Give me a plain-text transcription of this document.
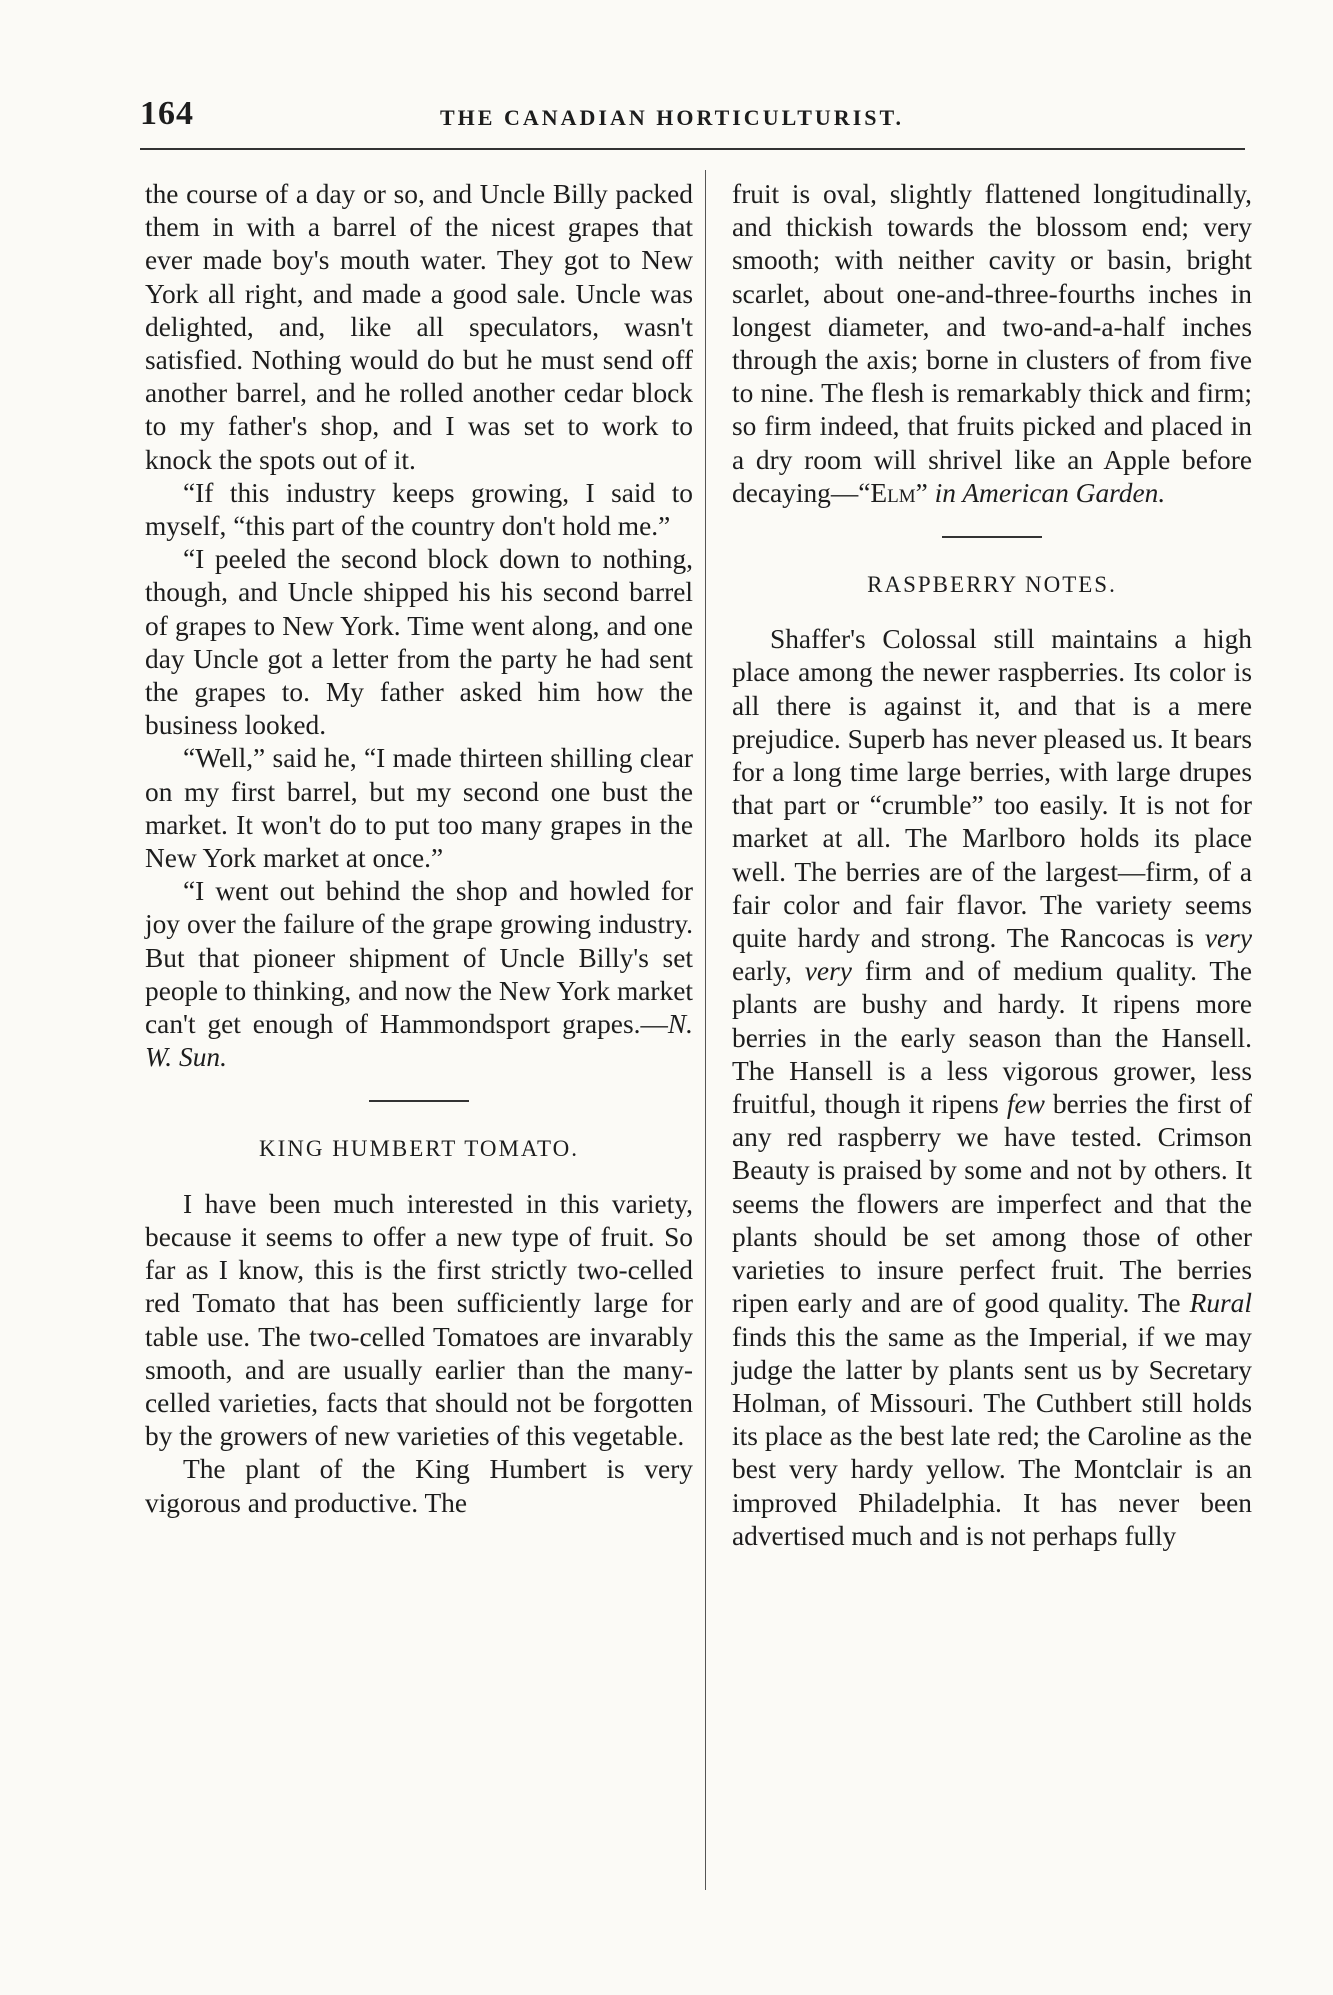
164	THE CANADIAN HORTICULTURIST.

the course of a day or so, and Uncle Billy packed them in with a barrel of the nicest grapes that ever made boy's mouth water. They got to New York all right, and made a good sale. Uncle was delighted, and, like all speculators, wasn't satisfied. Nothing would do but he must send off another barrel, and he rolled another cedar block to my father's shop, and I was set to work to knock the spots out of it.

“If this industry keeps growing, I said to myself, “this part of the country don't hold me.”

“I peeled the second block down to nothing, though, and Uncle shipped his his second barrel of grapes to New York. Time went along, and one day Uncle got a letter from the party he had sent the grapes to. My father asked him how the business looked.

“Well,” said he, “I made thirteen shilling clear on my first barrel, but my second one bust the market. It won't do to put too many grapes in the New York market at once.”

“I went out behind the shop and howled for joy over the failure of the grape growing industry. But that pioneer shipment of Uncle Billy's set people to thinking, and now the New York market can't get enough of Hammondsport grapes.—N. W. Sun.

KING HUMBERT TOMATO.

I have been much interested in this variety, because it seems to offer a new type of fruit. So far as I know, this is the first strictly two-celled red Tomato that has been sufficiently large for table use. The two-celled Tomatoes are invarably smooth, and are usually earlier than the many-celled varieties, facts that should not be forgotten by the growers of new varieties of this vegetable.

The plant of the King Humbert is very vigorous and productive. The

fruit is oval, slightly flattened longitudinally, and thickish towards the blossom end; very smooth; with neither cavity or basin, bright scarlet, about one-and-three-fourths inches in longest diameter, and two-and-a-half inches through the axis; borne in clusters of from five to nine. The flesh is remarkably thick and firm; so firm indeed, that fruits picked and placed in a dry room will shrivel like an Apple before decaying—“Elm” in American Garden.

RASPBERRY NOTES.

Shaffer's Colossal still maintains a high place among the newer raspberries. Its color is all there is against it, and that is a mere prejudice. Superb has never pleased us. It bears for a long time large berries, with large drupes that part or “crumble” too easily. It is not for market at all. The Marlboro holds its place well. The berries are of the largest—firm, of a fair color and fair flavor. The variety seems quite hardy and strong. The Rancocas is very early, very firm and of medium quality. The plants are bushy and hardy. It ripens more berries in the early season than the Hansell. The Hansell is a less vigorous grower, less fruitful, though it ripens few berries the first of any red raspberry we have tested. Crimson Beauty is praised by some and not by others. It seems the flowers are imperfect and that the plants should be set among those of other varieties to insure perfect fruit. The berries ripen early and are of good quality. The Rural finds this the same as the Imperial, if we may judge the latter by plants sent us by Secretary Holman, of Missouri. The Cuthbert still holds its place as the best late red; the Caroline as the best very hardy yellow. The Montclair is an improved Philadelphia. It has never been advertised much and is not perhaps fully
